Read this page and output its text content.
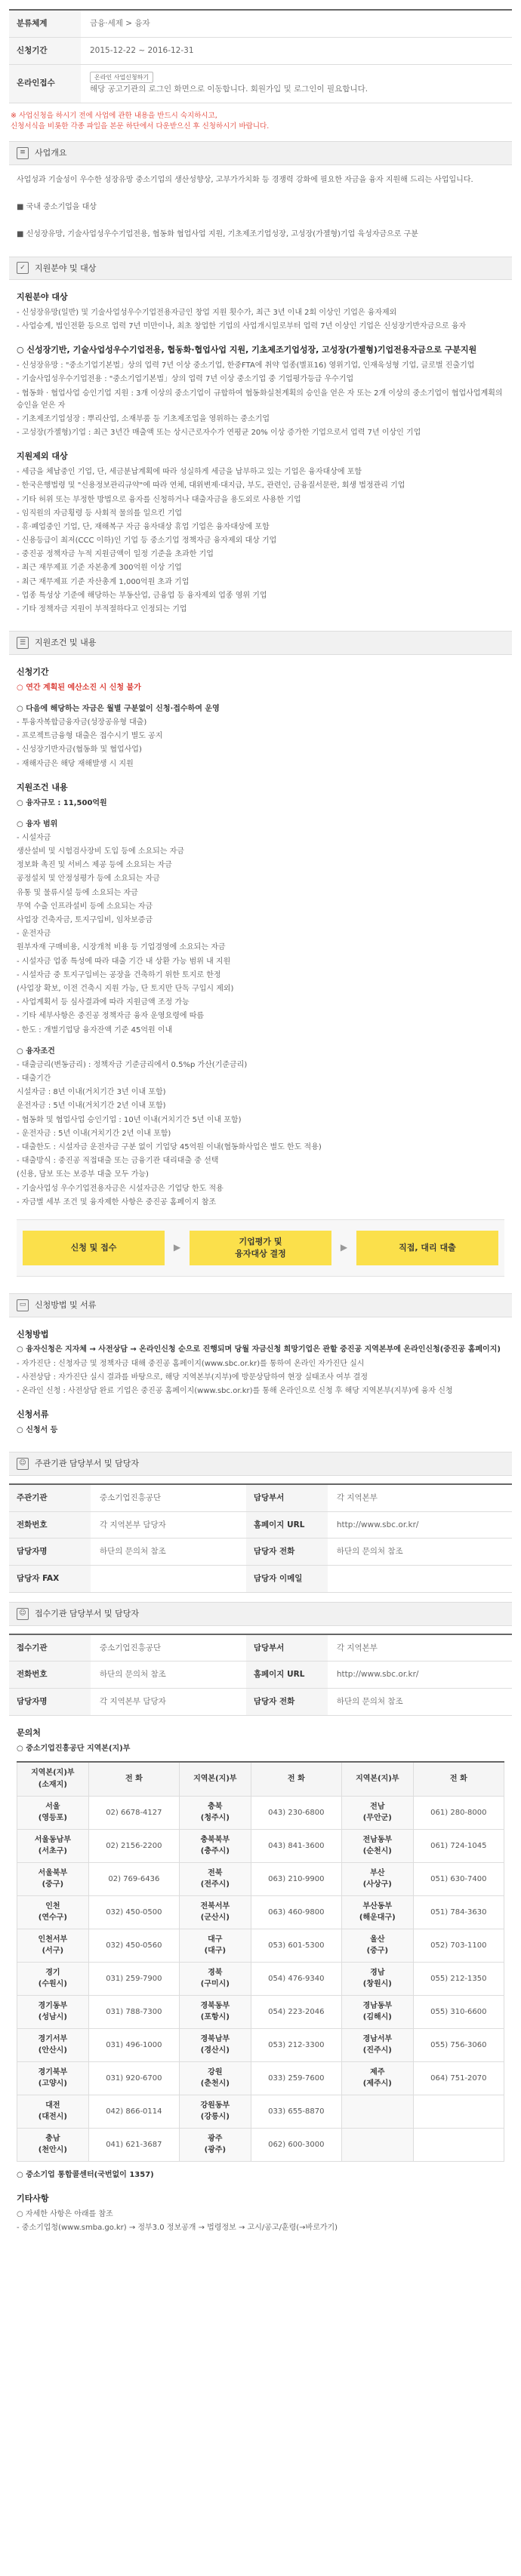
분류체계	금융·세제 > 융자
신청기간	2015-12-22 ~ 2016-12-31
온라인접수	온라인 사업신청하기
해당 공고기관의 로그인 화면으로 이동합니다. 회원가입 및 로그인이 필요합니다.
※ 사업신청을 하시기 전에 사업에 관한 내용을 반드시 숙지하시고,
신청서식을 비롯한 각종 파일을 본문 하단에서 다운받으신 후 신청하시기 바랍니다.
≡	사업개요

사업성과 기술성이 우수한 성장유망 중소기업의 생산성향상, 고부가가치화 등 경쟁력 강화에 필요한 자금을 융자 지원해 드리는 사업입니다.

■ 국내 중소기업을 대상

■ 신성장유망, 기술사업성우수기업전용, 협동화 협업사업 지원, 기초제조기업성장, 고성장(가젤형)기업 육성자금으로 구분

✓	지원분야 및 대상
지원분야 대상

- 신성장유망(일반) 및 기술사업성우수기업전용자금인 창업 지원 횟수가, 최근 3년 이내 2회 이상인 기업은 융자제외

- 사업승계, 법인전환 등으로 업력 7년 미만이나, 최초 창업한 기업의 사업개시일로부터 업력 7년 이상인 기업은 신성장기반자금으로 융자

○ 신성장기반, 기술사업성우수기업전용, 협동화·협업사업 지원, 기초제조기업성장, 고성장(가젤형)기업전용자금으로 구분지원

- 신성장유망 : "중소기업기본법」상의 업력 7년 이상 중소기업, 한중FTA에 취약 업종(별표16) 영위기업, 인재육성형 기업, 글로벌 진출기업

- 기술사업성우수기업전용 : "중소기업기본법」상의 업력 7년 이상 중소기업 중 기업평가등급 우수기업

- 협동화 · 협업사업 승인기업 지원 : 3개 이상의 중소기업이 규합하여 협동화실천계획의 승인을 얻은 자 또는 2개 이상의 중소기업이 협업사업계획의 승인을 얻은 자

- 기초제조기업성장 : 뿌리산업, 소재부품 등 기초제조업을 영위하는 중소기업

- 고성장(가젤형)기업 : 최근 3년간 매출액 또는 상시근로자수가 연평균 20% 이상 증가한 기업으로서 업력 7년 이상인 기업

지원제외 대상

- 세금을 체납중인 기업, 단, 세금분납계획에 따라 성실하게 세금을 납부하고 있는 기업은 융자대상에 포함

- 한국은행법령 및 "신용정보관리규약"에 따라 연체, 대위변제·대지급, 부도, 관련인, 금융질서문란, 회생 법정관리 기업

- 기타 허위 또는 부정한 방법으로 융자를 신청하거나 대출자금을 용도외로 사용한 기업

- 임직원의 자금횡령 등 사회적 물의를 일으킨 기업

- 휴·폐업중인 기업, 단, 재해복구 자금 융자대상 휴업 기업은 융자대상에 포함

- 신용등급이 최저(CCC 이하)인 기업 등 중소기업 정책자금 융자제외 대상 기업

- 중진공 정책자금 누적 지원금액이 일정 기준을 초과한 기업

- 최근 재무제표 기준 자본총계 300억원 이상 기업

- 최근 재무제표 기준 자산총계 1,000억원 초과 기업

- 업종 특성상 기준에 해당하는 부동산업, 금융업 등 융자제외 업종 영위 기업

- 기타 정책자금 지원이 부적절하다고 인정되는 기업

☰	지원조건 및 내용
신청기간

○ 연간 계획된 예산소진 시 신청 불가

○ 다음에 해당하는 자금은 월별 구분없이 신청·접수하여 운영

- 투융자복합금융자금(성장공유형 대출)

- 프로젝트금융형 대출은 접수시기 별도 공지

- 신성장기반자금(협동화 및 협업사업)

- 재해자금은 해당 재해발생 시 지원

지원조건 내용

○ 융자규모 : 11,500억원

○ 융자 범위

- 시설자금

생산설비 및 시험검사장비 도입 등에 소요되는 자금

정보화 촉진 및 서비스 제공 등에 소요되는 자금

공정설치 및 안정성평가 등에 소요되는 자금

유통 및 물류시설 등에 소요되는 자금

무역 수출 인프라설비 등에 소요되는 자금

사업장 건축자금, 토지구입비, 임차보증금

- 운전자금

원부자재 구매비용, 시장개척 비용 등 기업경영에 소요되는 자금

- 시설자금 업종 특성에 따라 대출 기간 내 상환 가능 범위 내 지원

- 시설자금 중 토지구입비는 공장을 건축하기 위한 토지로 한정

(사업장 확보, 이전 건축시 지원 가능, 단 토지만 단독 구입시 제외)

- 사업계획서 등 심사결과에 따라 지원금액 조정 가능

- 기타 세부사항은 중진공 정책자금 융자 운영요령에 따름

- 한도 : 개별기업당 융자잔액 기준 45억원 이내

○ 융자조건

- 대출금리(변동금리) : 정책자금 기준금리에서 0.5%p 가산(기준금리)

- 대출기간

시설자금 : 8년 이내(거치기간 3년 이내 포함)

운전자금 : 5년 이내(거치기간 2년 이내 포함)

- 협동화 및 협업사업 승인기업 : 10년 이내(거치기간 5년 이내 포함)

- 운전자금 : 5년 이내(거치기간 2년 이내 포함)

- 대출한도 : 시설자금 운전자금 구분 없이 기업당 45억원 이내(협동화사업은 별도 한도 적용)

- 대출방식 : 중진공 직접대출 또는 금융기관 대리대출 중 선택

(신용, 담보 또는 보증부 대출 모두 가능)

- 기술사업성 우수기업전용자금은 시설자금은 기업당 한도 적용

- 자금별 세부 조건 및 융자제한 사항은 중진공 홈페이지 참조

신청 및 접수	▶
기업평가 및
융자대상 결정
▶	직접, 대리 대출
▭	신청방법 및 서류
신청방법

○ 융자신청은 지자체 → 사전상담 → 온라인신청 순으로 진행되며 당월 자금신청 희망기업은 관할 중진공 지역본부에 온라인신청(중진공 홈페이지)

- 자가진단 : 신청자금 및 정책자금 대해 중진공 홈페이지(www.sbc.or.kr)를 통하여 온라인 자가진단 실시

- 사전상담 : 자가진단 실시 결과를 바탕으로, 해당 지역본부(지부)에 방문상담하여 현장 실태조사 여부 결정

- 온라인 신청 : 사전상담 완료 기업은 중진공 홈페이지(www.sbc.or.kr)를 통해 온라인으로 신청 후 해당 지역본부(지부)에 융자 신청

신청서류

○ 신청서 등

☺	주관기관 담당부서 및 담당자
주관기관	중소기업진흥공단	담당부서	각 지역본부
전화번호	각 지역본부 담당자	홈페이지 URL	http://www.sbc.or.kr/
담당자명	하단의 문의처 참조	담당자 전화	하단의 문의처 참조
담당자 FAX		담당자 이메일	
☺	접수기관 담당부서 및 담당자
접수기관	중소기업진흥공단	담당부서	각 지역본부
전화번호	하단의 문의처 참조	홈페이지 URL	http://www.sbc.or.kr/
담당자명	각 지역본부 담당자	담당자 전화	하단의 문의처 참조
문의처

○ 중소기업진흥공단 지역본(지)부

지역본(지)부
(소재지)	전 화	지역본(지)부	전 화	지역본(지)부	전 화
서울
(영등포)	02) 6678-4127	충북
(청주시)	043) 230-6800	전남
(무안군)	061) 280-8000
서울동남부
(서초구)	02) 2156-2200	충북북부
(충주시)	043) 841-3600	전남동부
(순천시)	061) 724-1045
서울북부
(중구)	02) 769-6436	전북
(전주시)	063) 210-9900	부산
(사상구)	051) 630-7400
인천
(연수구)	032) 450-0500	전북서부
(군산시)	063) 460-9800	부산동부
(해운대구)	051) 784-3630
인천서부
(서구)	032) 450-0560	대구
(대구)	053) 601-5300	울산
(중구)	052) 703-1100
경기
(수원시)	031) 259-7900	경북
(구미시)	054) 476-9340	경남
(창원시)	055) 212-1350
경기동부
(성남시)	031) 788-7300	경북동부
(포항시)	054) 223-2046	경남동부
(김해시)	055) 310-6600
경기서부
(안산시)	031) 496-1000	경북남부
(경산시)	053) 212-3300	경남서부
(진주시)	055) 756-3060
경기북부
(고양시)	031) 920-6700	강원
(춘천시)	033) 259-7600	제주
(제주시)	064) 751-2070
대전
(대전시)	042) 866-0114	강원동부
(강릉시)	033) 655-8870		
충남
(천안시)	041) 621-3687	광주
(광주)	062) 600-3000		

○ 중소기업 통합콜센터(국번없이 1357)

기타사항

○ 자세한 사항은 아래를 참조

- 중소기업청(www.smba.go.kr) → 정부3.0 정보공개 → 법령정보 → 고시/공고/훈령(→바로가기)
